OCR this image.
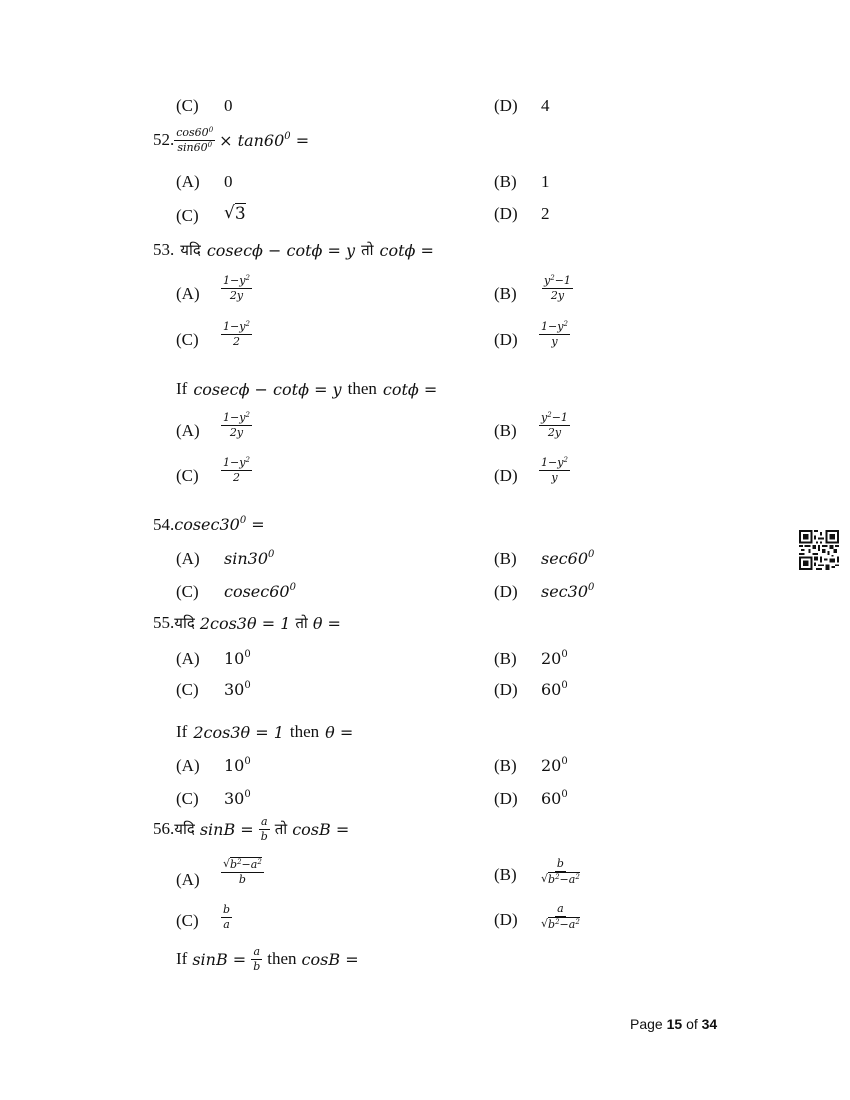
(C) 0	(D) 4
52. $\frac{\cos 60^0}{\sin 60^0} \times \tan 60^0$ =
(A) 0	(B) 1
(C) √ 3	(D) 2
53. यदि cosecϕ − cotϕ = y तो cotϕ =
$(A) \frac{1-y^2}{2y}$	$(B) \frac{y^2-1}{2y}$
$(C) \frac{1-y^2}{2}$	$(D) \frac{1-y^2}{y}$
If cosecϕ − cotϕ = y then cotϕ =
$(A) \frac{1-y^2}{2y}$	$(B) \frac{y^2-1}{2y}$
$(C) \frac{1-y^2}{2}$	$(D) \frac{1-y^2}{y}$
54. $cosec30^0$ =
(A) $\sin 30^0$	(B) $\sec 60^0$
(C) $cosec60^0$	(D) $\sec 30^0$
55. यदि 2cos3θ = 1 तो θ =
(A) $10^0$	(B) $20^0$
(C) $30^0$	(D) $60^0$
If 2cos3θ = 1 then θ =
(A) $10^0$	(B) $20^0$
(C) $30^0$	(D) $60^0$
56. यदि $\sin B = \frac{a}{b}$ तो cosB =
$(A) \frac{√ b^2-a^2}{b}$	$(B) \frac{b}{√ b^2-a^2}$
$(C) \frac{b}{a}$	$(D) \frac{a}{√ b^2-a^2}$
If $\sin B = \frac{a}{b}$ then cosB =
Page 15 of 34
